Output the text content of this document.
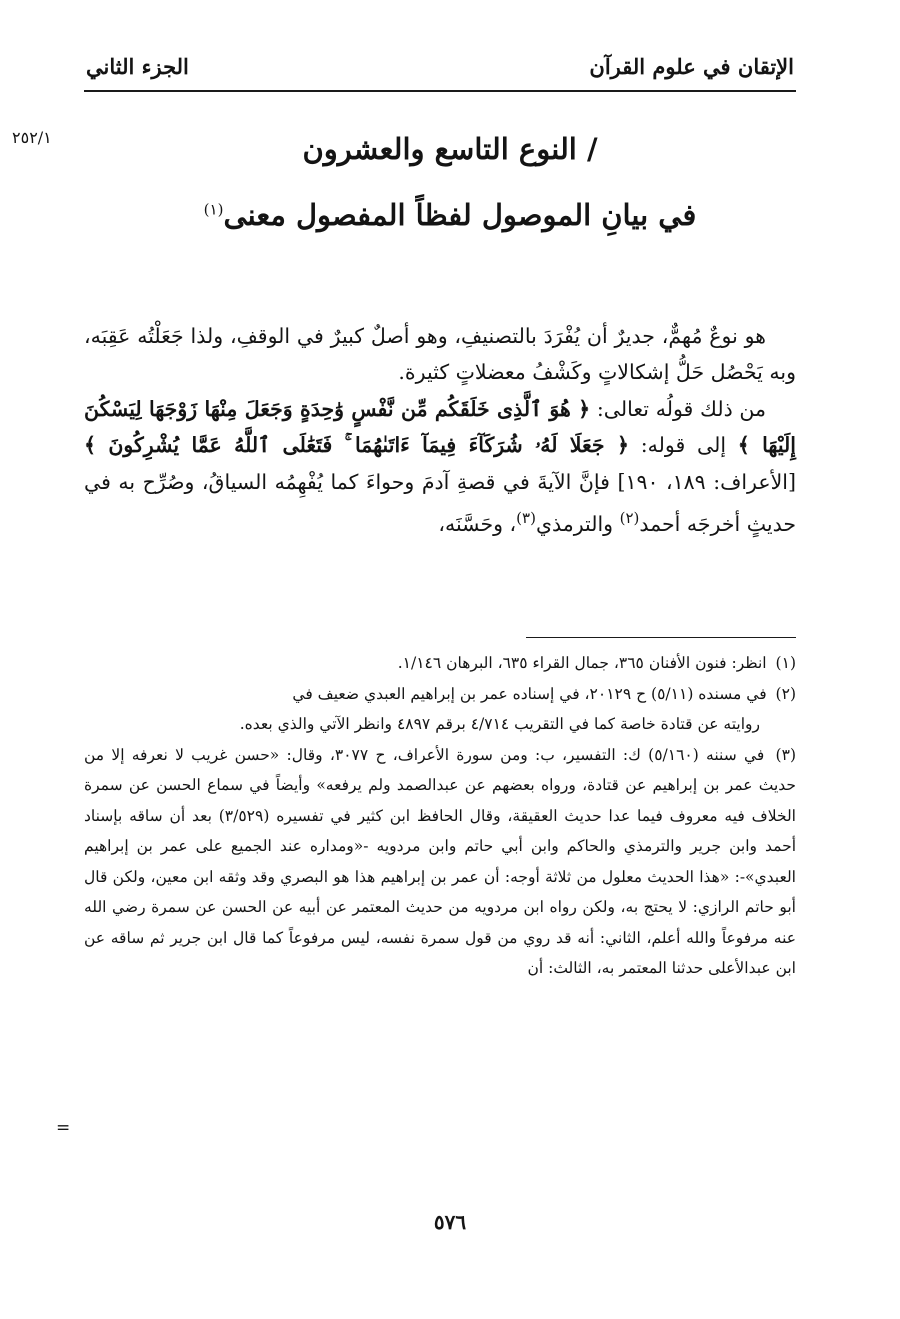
الإتقان في علوم القرآن
الجزء الثاني
٢٥٢/١	/ النوع التاسع والعشرون
في بيانِ الموصول لفظاً المفصول معنى$^{(١)}$

هو نوعٌ مُهمٌّ، جديرٌ أن يُفْرَدَ بالتصنيفِ، وهو أصلٌ كبيرٌ في الوقفِ، ولذا جَعَلْتُه عَقِبَه، وبه يَحْصُل حَلُّ إشكالاتٍ وكَشْفُ معضلاتٍ كثيرة.

من ذلك قولُه تعالى: ﴿ هُوَ ٱلَّذِى خَلَقَكُم مِّن نَّفْسٍ وَٰحِدَةٍ وَجَعَلَ مِنْهَا زَوْجَهَا لِيَسْكُنَ إِلَيْهَا ﴾ إلى قوله: ﴿ جَعَلَا لَهُۥ شُرَكَآءَ فِيمَآ ءَاتَىٰهُمَا ۚ فَتَعَٰلَى ٱللَّهُ عَمَّا يُشْرِكُونَ ﴾ [الأعراف: ١٨٩، ١٩٠] فإنَّ الآيةَ في قصةِ آدمَ وحواءَ كما يُفْهِمُه السياقُ، وصُرِّح به في حديثٍ أخرجَه أحمد$^{(٢)}$ والترمذي$^{(٣)}$، وحَسَّنَه،

(١) انظر: فنون الأفنان ٣٦٥، جمال القراء ٦٣٥، البرهان ١/١٤٦.

(٢) في مسنده (٥/١١) ح ٢٠١٢٩، في إسناده عمر بن إبراهيم العبدي ضعيف في

روايته عن قتادة خاصة كما في التقريب ٤/٧١٤ برقم ٤٨٩٧ وانظر الآتي والذي بعده.

(٣) في سننه (٥/١٦٠) ك: التفسير، ب: ومن سورة الأعراف، ح ٣٠٧٧، وقال: «حسن غريب لا نعرفه إلا من حديث عمر بن إبراهيم عن قتادة، ورواه بعضهم عن عبدالصمد ولم يرفعه» وأيضاً في سماع الحسن عن سمرة الخلاف فيه معروف فيما عدا حديث العقيقة، وقال الحافظ ابن كثير في تفسيره (٣/٥٢٩) بعد أن ساقه بإسناد أحمد وابن جرير والترمذي والحاكم وابن أبي حاتم وابن مردويه -«ومداره عند الجميع على عمر بن إبراهيم العبدي»-: «هذا الحديث معلول من ثلاثة أوجه: أن عمر بن إبراهيم هذا هو البصري وقد وثقه ابن معين، ولكن قال أبو حاتم الرازي: لا يحتج به، ولكن رواه ابن مردويه من حديث المعتمر عن أبيه عن الحسن عن سمرة رضي الله عنه مرفوعاً والله أعلم، الثاني: أنه قد روي من قول سمرة نفسه، ليس مرفوعاً كما قال ابن جرير ثم ساقه عن ابن عبدالأعلى حدثنا المعتمر به، الثالث: أن

=
٥٧٦
